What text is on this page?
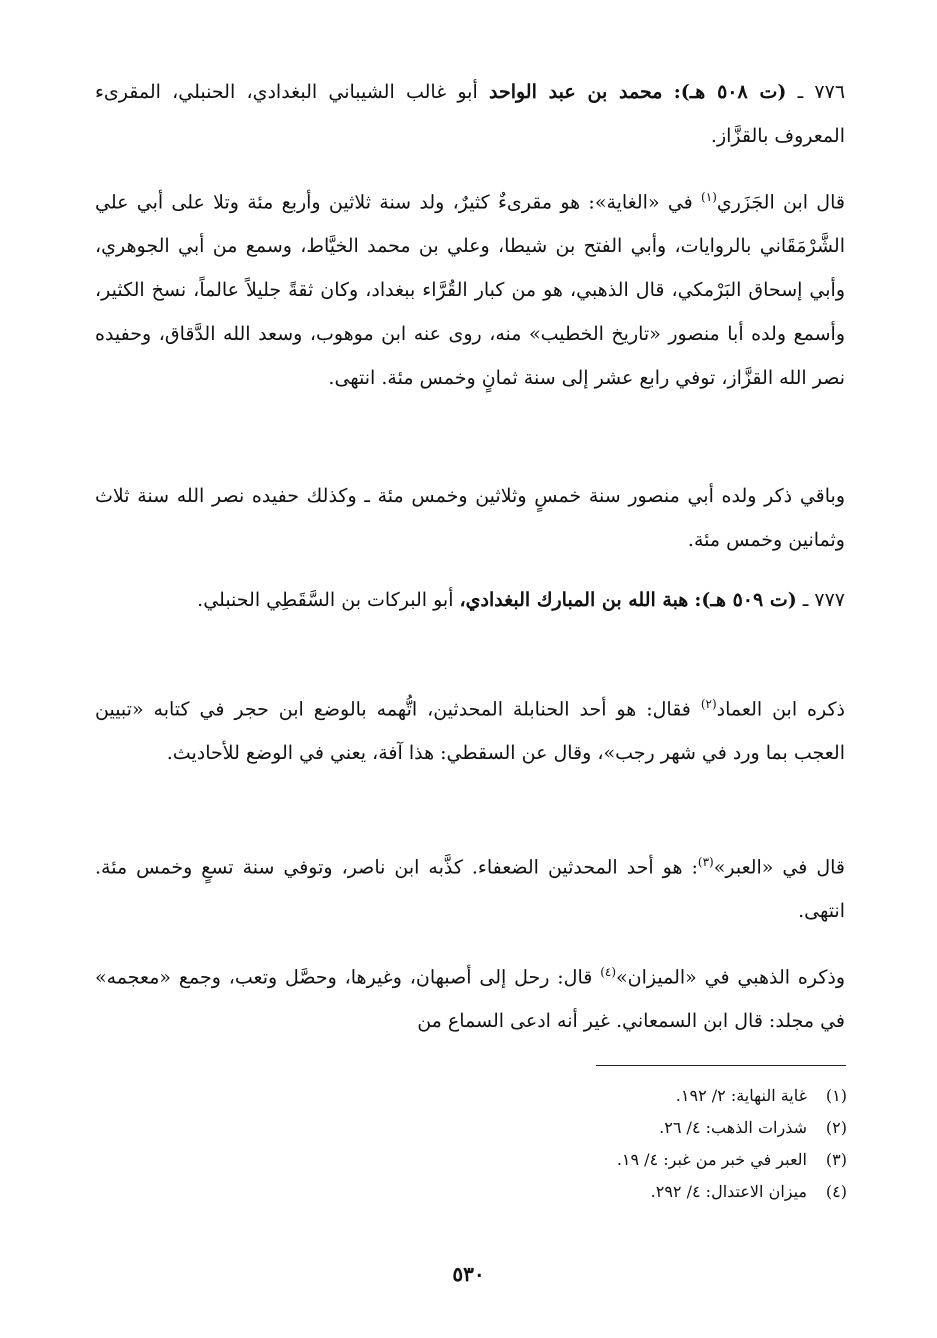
٧٧٦ ـ (ت ٥٠٨ هـ): محمد بن عبد الواحد أبو غالب الشيباني البغدادي، الحنبلي، المقرىء المعروف بالقزَّاز.
قال ابن الجَزَري$^{(١)}$ في «الغاية»: هو مقرىءٌ كثيرٌ، ولد سنة ثلاثين وأربع مئة وتلا على أبي علي الشَّرْمَقَاني بالروايات، وأبي الفتح بن شيطا، وعلي بن محمد الخيَّاط، وسمع من أبي الجوهري، وأبي إسحاق البَرْمكي، قال الذهبي، هو من كبار القُرَّاء ببغداد، وكان ثقةً جليلاً عالماً، نسخ الكثير، وأسمع ولده أبا منصور «تاريخ الخطيب» منه، روى عنه ابن موهوب، وسعد الله الدَّقاق، وحفيده نصر الله القزَّاز، توفي رابع عشر إلى سنة ثمانٍ وخمس مئة. انتهى.
وباقي ذكر ولده أبي منصور سنة خمسٍ وثلاثين وخمس مئة ـ وكذلك حفيده نصر الله سنة ثلاث وثمانين وخمس مئة.
٧٧٧ ـ (ت ٥٠٩ هـ): هبة الله بن المبارك البغدادي، أبو البركات بن السَّقَطِي الحنبلي.
ذكره ابن العماد$^{(٢)}$ فقال: هو أحد الحنابلة المحدثين، اتُّهمه بالوضع ابن حجر في كتابه «تبيين العجب بما ورد في شهر رجب»، وقال عن السقطي: هذا آفة، يعني في الوضع للأحاديث.
قال في «العبر»$^{(٣)}$: هو أحد المحدثين الضعفاء. كذَّبه ابن ناصر، وتوفي سنة تسعٍ وخمس مئة. انتهى.
وذكره الذهبي في «الميزان»$^{(٤)}$ قال: رحل إلى أصبهان، وغيرها، وحصَّل وتعب، وجمع «معجمه» في مجلد: قال ابن السمعاني. غير أنه ادعى السماع من
(١)
غاية النهاية: ٢/ ١٩٢.
(٢)
شذرات الذهب: ٤/ ٢٦.
(٣)
العبر في خبر من غبر: ٤/ ١٩.
(٤)
ميزان الاعتدال: ٤/ ٢٩٢.
٥٣٠
